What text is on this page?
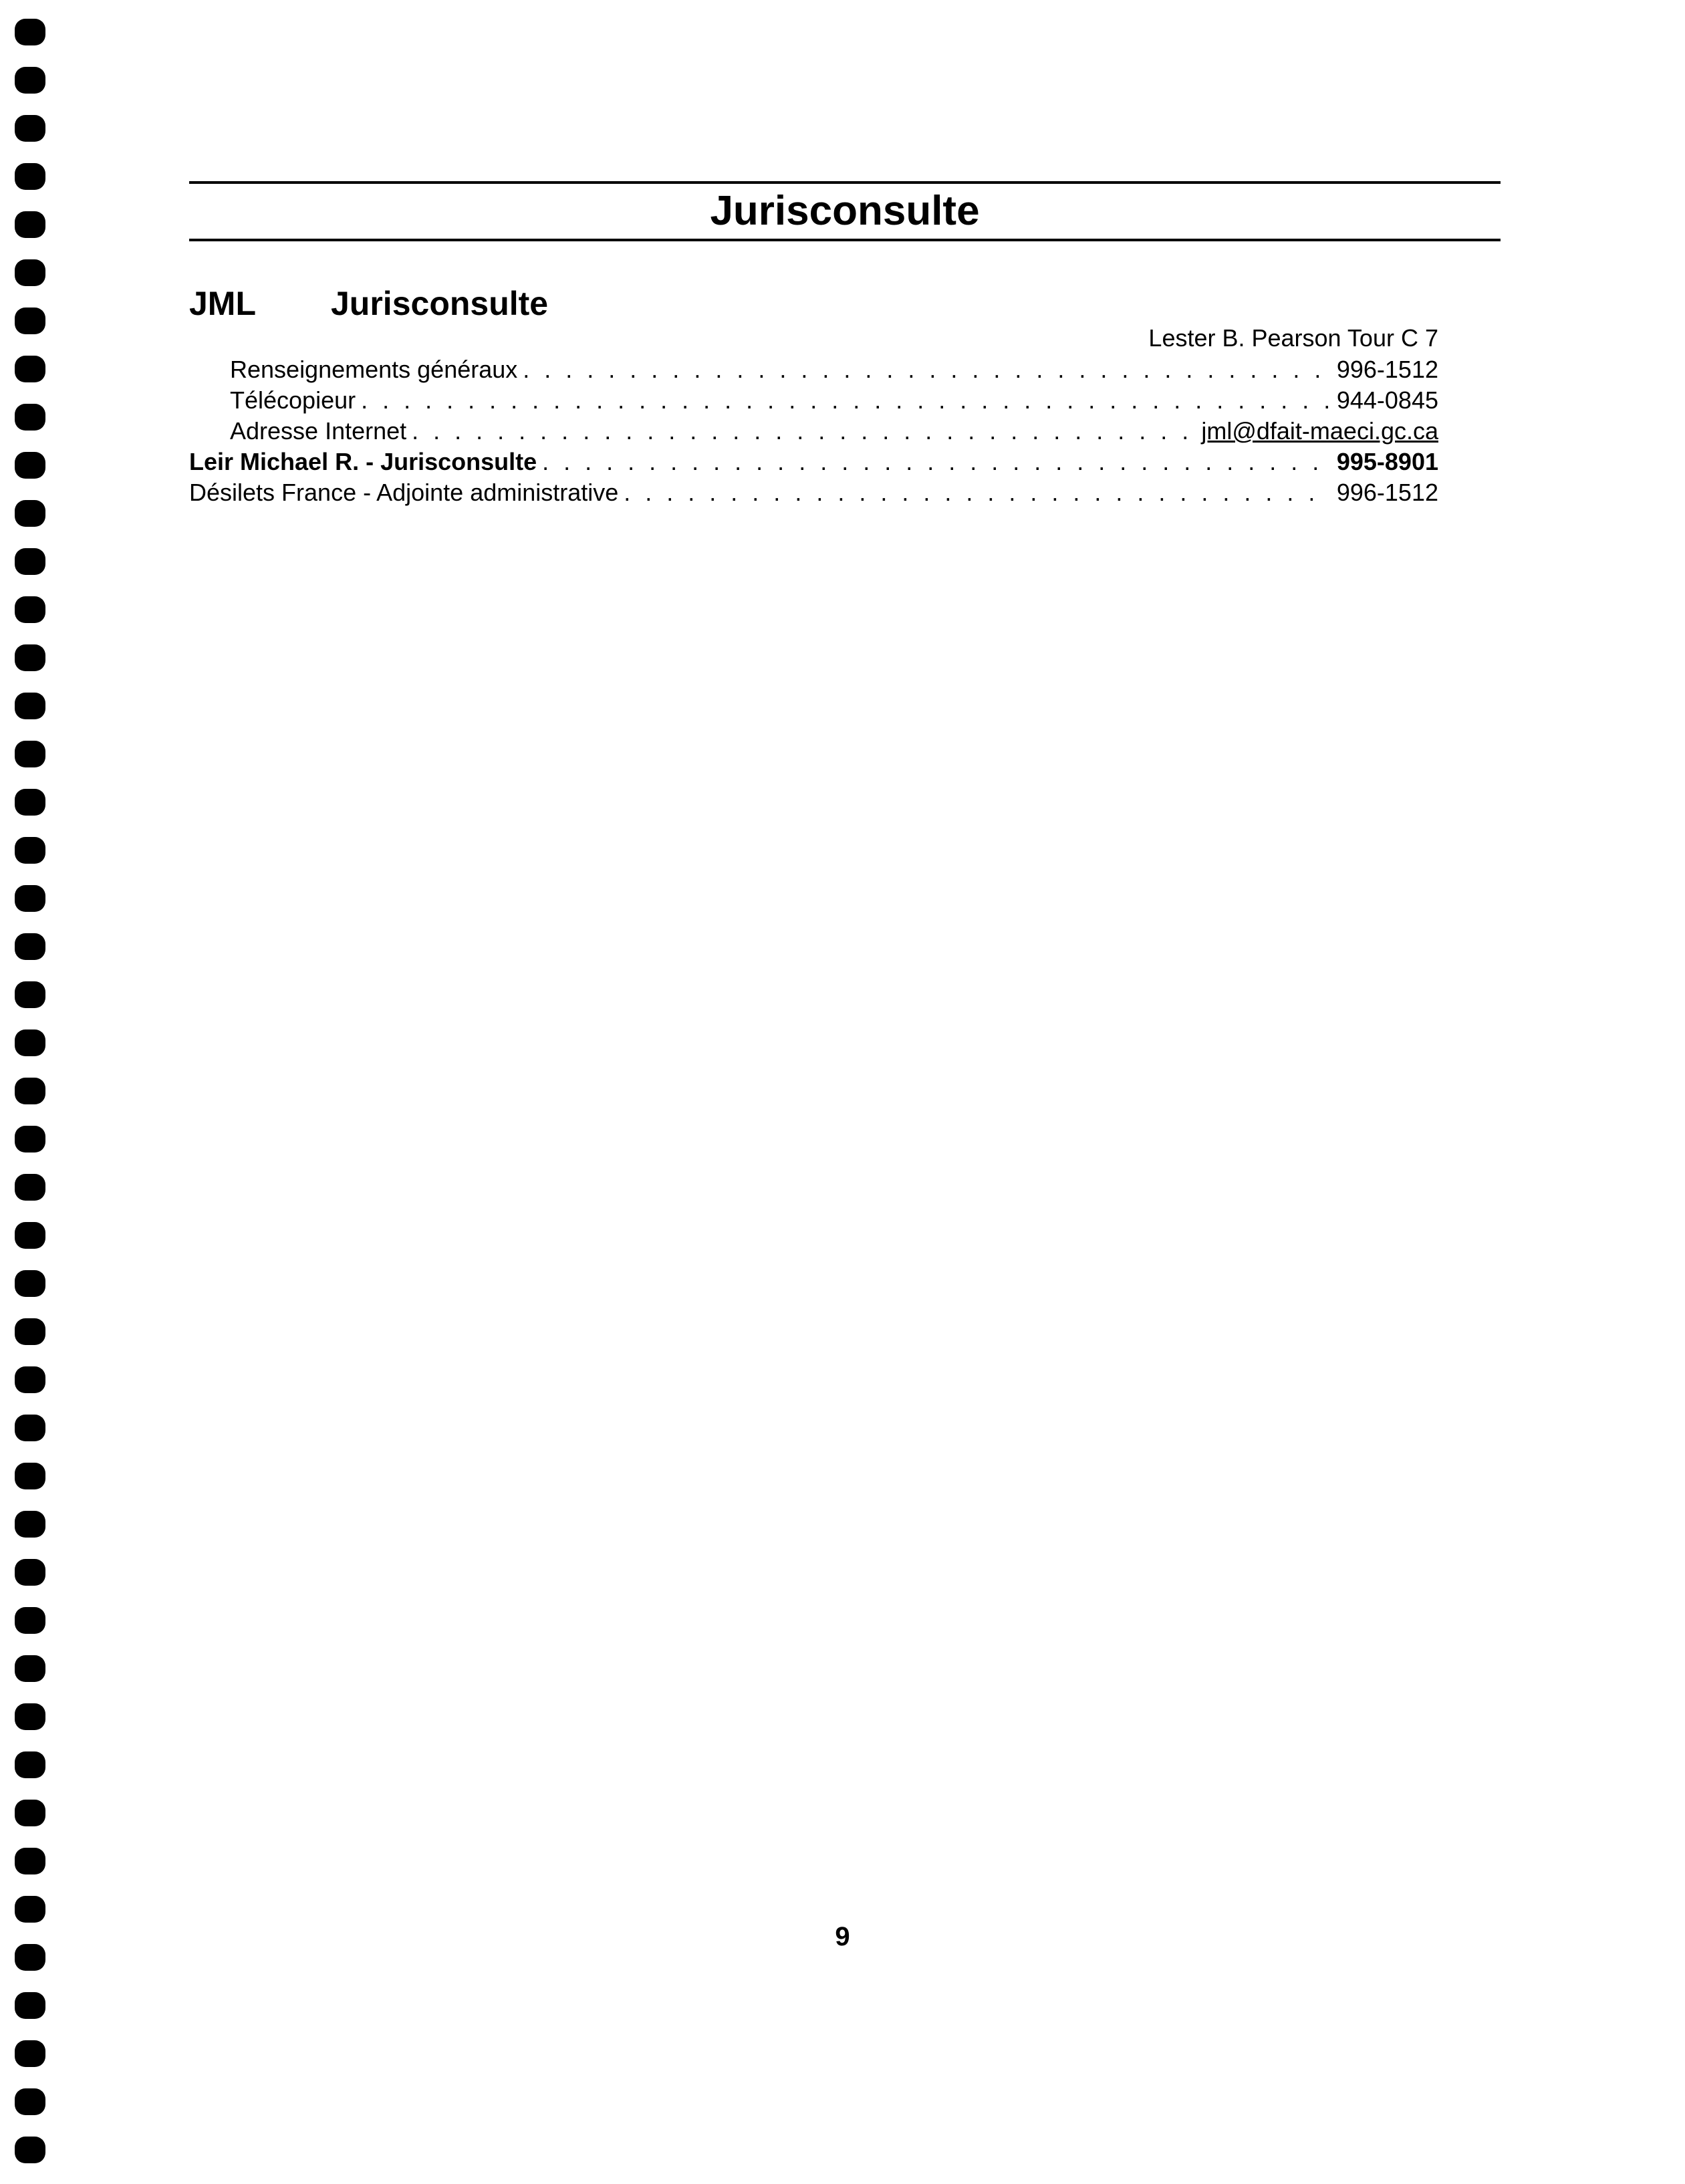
Jurisconsulte
JML Jurisconsulte
Lester B. Pearson Tour C 7
Renseignements généraux . . .	996-1512
Télécopieur . . .	944-0845
Adresse Internet . . .	jml@dfait-maeci.gc.ca
Leir Michael R. - Jurisconsulte . . .	995-8901
Désilets France - Adjointe administrative . . .	996-1512
9
